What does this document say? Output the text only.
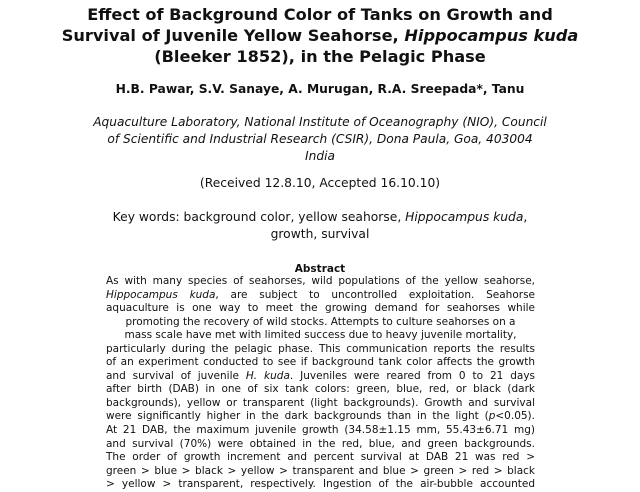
Effect of Background Color of Tanks on Growth and
Survival of Juvenile Yellow Seahorse, Hippocampus kuda
(Bleeker 1852), in the Pelagic Phase

H.B. Pawar, S.V. Sanaye, A. Murugan, R.A. Sreepada*, Tanu

Aquaculture Laboratory, National Institute of Oceanography (NIO), Council
of Scientific and Industrial Research (CSIR), Dona Paula, Goa, 403004
India

(Received 12.8.10, Accepted 16.10.10)

Key words: background color, yellow seahorse, Hippocampus kuda,
growth, survival

Abstract
As with many species of seahorses, wild populations of the yellow seahorse,
Hippocampus kuda, are subject to uncontrolled exploitation. Seahorse
aquaculture is one way to meet the growing demand for seahorses while
promoting the recovery of wild stocks. Attempts to culture seahorses on a
mass scale have met with limited success due to heavy juvenile mortality,
particularly during the pelagic phase. This communication reports the results
of an experiment conducted to see if background tank color affects the growth
and survival of juvenile H. kuda. Juveniles were reared from 0 to 21 days
after birth (DAB) in one of six tank colors: green, blue, red, or black (dark
backgrounds), yellow or transparent (light backgrounds). Growth and survival
were significantly higher in the dark backgrounds than in the light (p<0.05).
At 21 DAB, the maximum juvenile growth (34.58±1.15 mm, 55.43±6.71 mg)
and survival (70%) were obtained in the red, blue, and green backgrounds.
The order of growth increment and percent survival at DAB 21 was red >
green > blue > black > yellow > transparent and blue > green > red > black
> yellow > transparent, respectively. Ingestion of the air-bubble accounted
